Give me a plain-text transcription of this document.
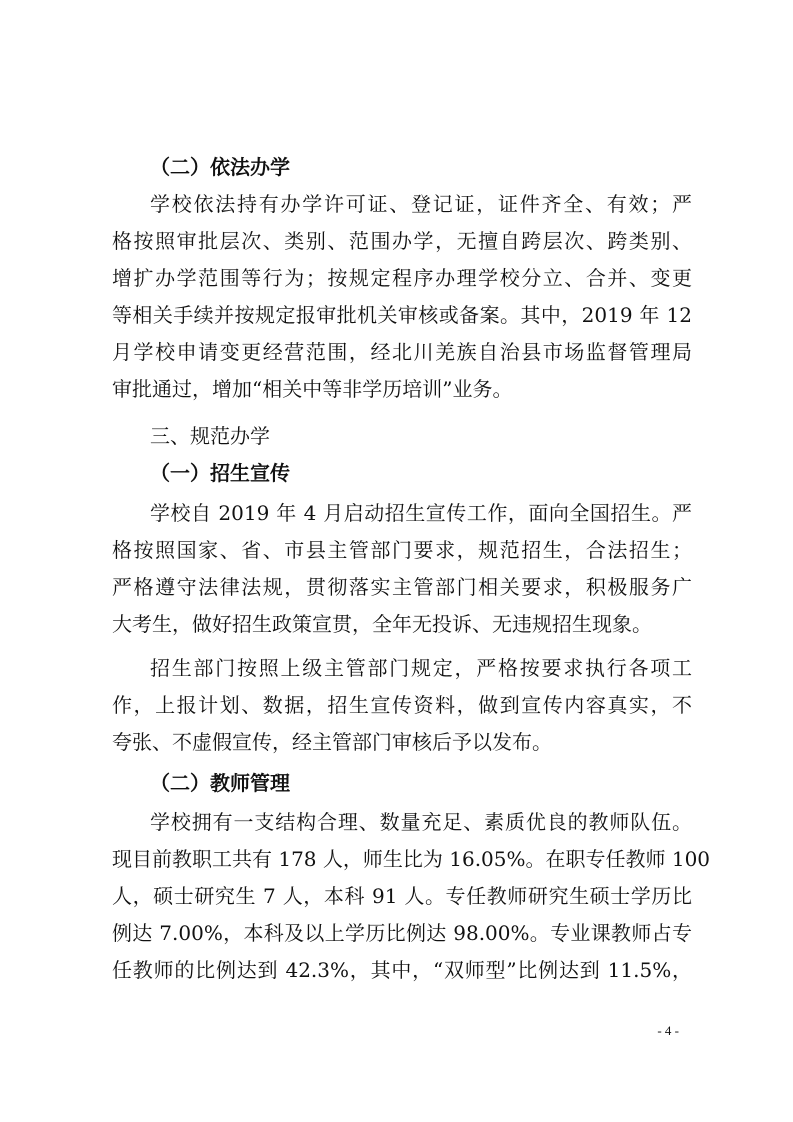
（二）依法办学
学校依法持有办学许可证、登记证，证件齐全、有效；严
格按照审批层次、类别、范围办学，无擅自跨层次、跨类别、
增扩办学范围等行为；按规定程序办理学校分立、合并、变更
等相关手续并按规定报审批机关审核或备案。其中，2019 年 12
月学校申请变更经营范围，经北川羌族自治县市场监督管理局
审批通过，增加“相关中等非学历培训”业务。
三、规范办学
（一）招生宣传
学校自 2019 年 4 月启动招生宣传工作，面向全国招生。严
格按照国家、省、市县主管部门要求，规范招生，合法招生；
严格遵守法律法规，贯彻落实主管部门相关要求，积极服务广
大考生，做好招生政策宣贯，全年无投诉、无违规招生现象。
招生部门按照上级主管部门规定，严格按要求执行各项工
作，上报计划、数据，招生宣传资料，做到宣传内容真实，不
夸张、不虚假宣传，经主管部门审核后予以发布。
（二）教师管理
学校拥有一支结构合理、数量充足、素质优良的教师队伍。
现目前教职工共有 178 人，师生比为 16.05%。在职专任教师 100
人，硕士研究生 7 人，本科 91 人。专任教师研究生硕士学历比
例达 7.00%，本科及以上学历比例达 98.00%。专业课教师占专
任教师的比例达到 42.3%，其中，“双师型”比例达到 11.5%，
- 4 -
